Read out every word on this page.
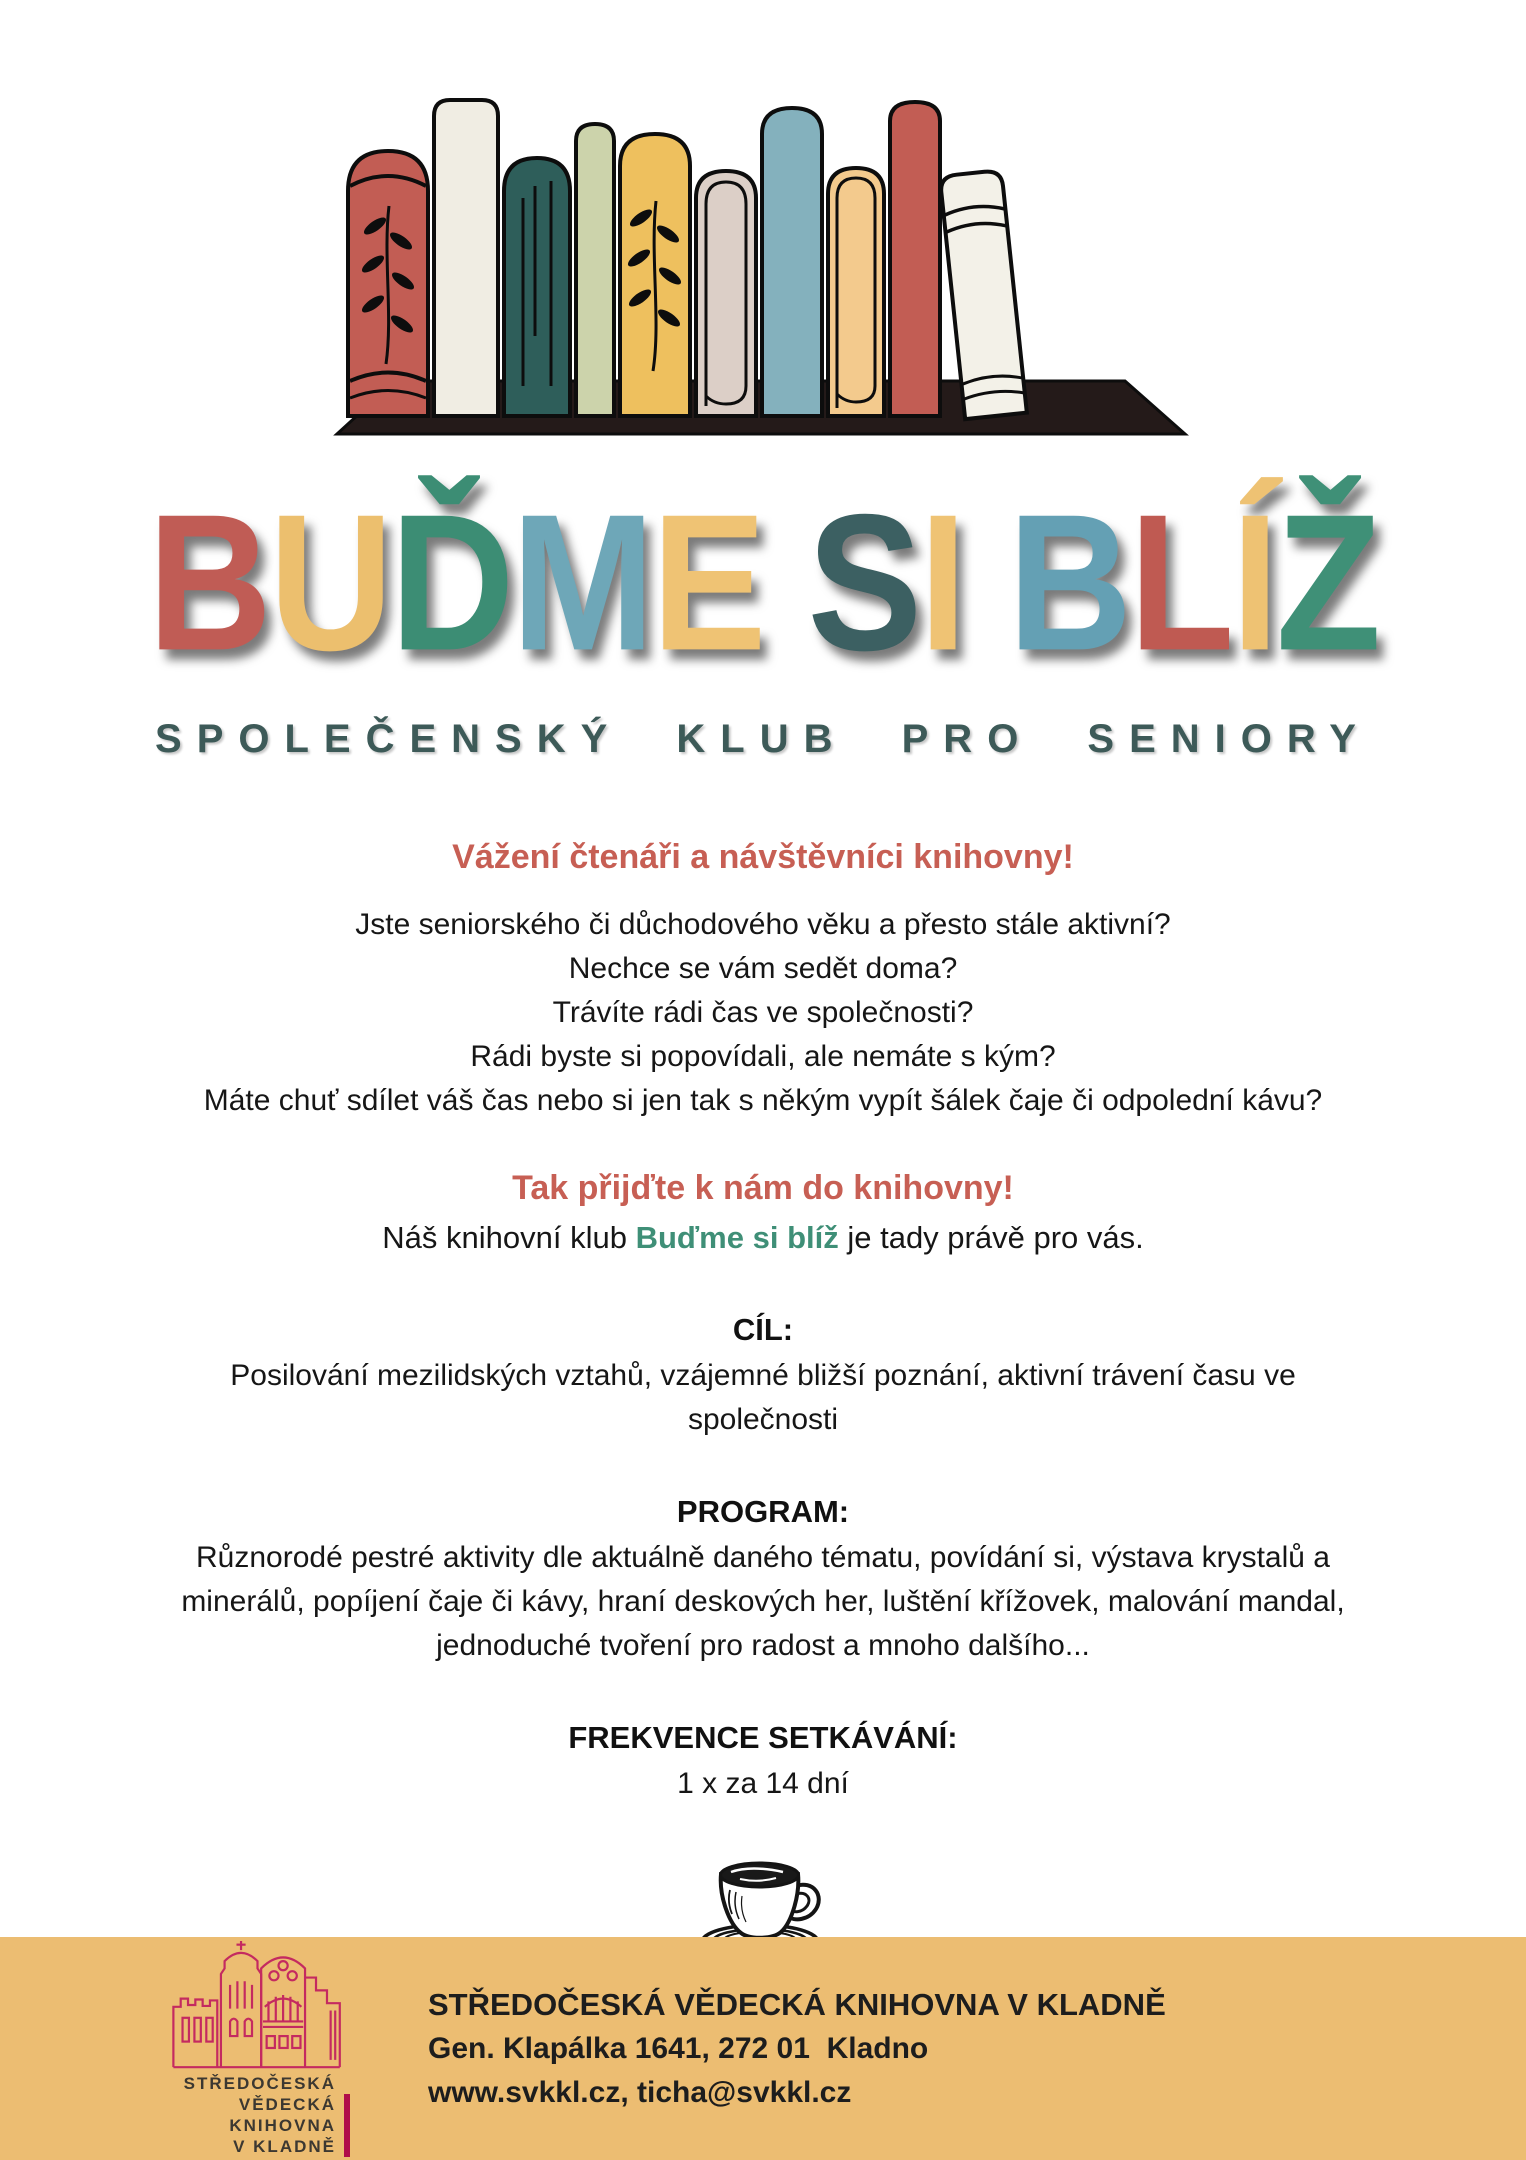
BUĎME SI BLÍŽ
SPOLEČENSKÝ KLUB PRO SENIORY
Vážení čtenáři a návštěvníci knihovny!
Jste seniorského či důchodového věku a přesto stále aktivní?
Nechce se vám sedět doma?
Trávíte rádi čas ve společnosti?
Rádi byste si popovídali, ale nemáte s kým?
Máte chuť sdílet váš čas nebo si jen tak s někým vypít šálek čaje či odpolední kávu?
Tak přijďte k nám do knihovny!
Náš knihovní klub Buďme si blíž je tady právě pro vás.
CÍL:
Posilování mezilidských vztahů, vzájemné bližší poznání, aktivní trávení času ve společnosti
PROGRAM:
Různorodé pestré aktivity dle aktuálně daného tématu, povídání si, výstava krystalů a minerálů, popíjení čaje či kávy, hraní deskových her, luštění křížovek, malování mandal, jednoduché tvoření pro radost a mnoho dalšího...
FREKVENCE SETKÁVÁNÍ:
1 x za 14 dní
STŘEDOČESKÁ
VĚDECKÁ
KNIHOVNA
V KLADNĚ
STŘEDOČESKÁ VĚDECKÁ KNIHOVNA V KLADNĚ
Gen. Klapálka 1641, 272 01  Kladno
www.svkkl.cz, ticha@svkkl.cz
